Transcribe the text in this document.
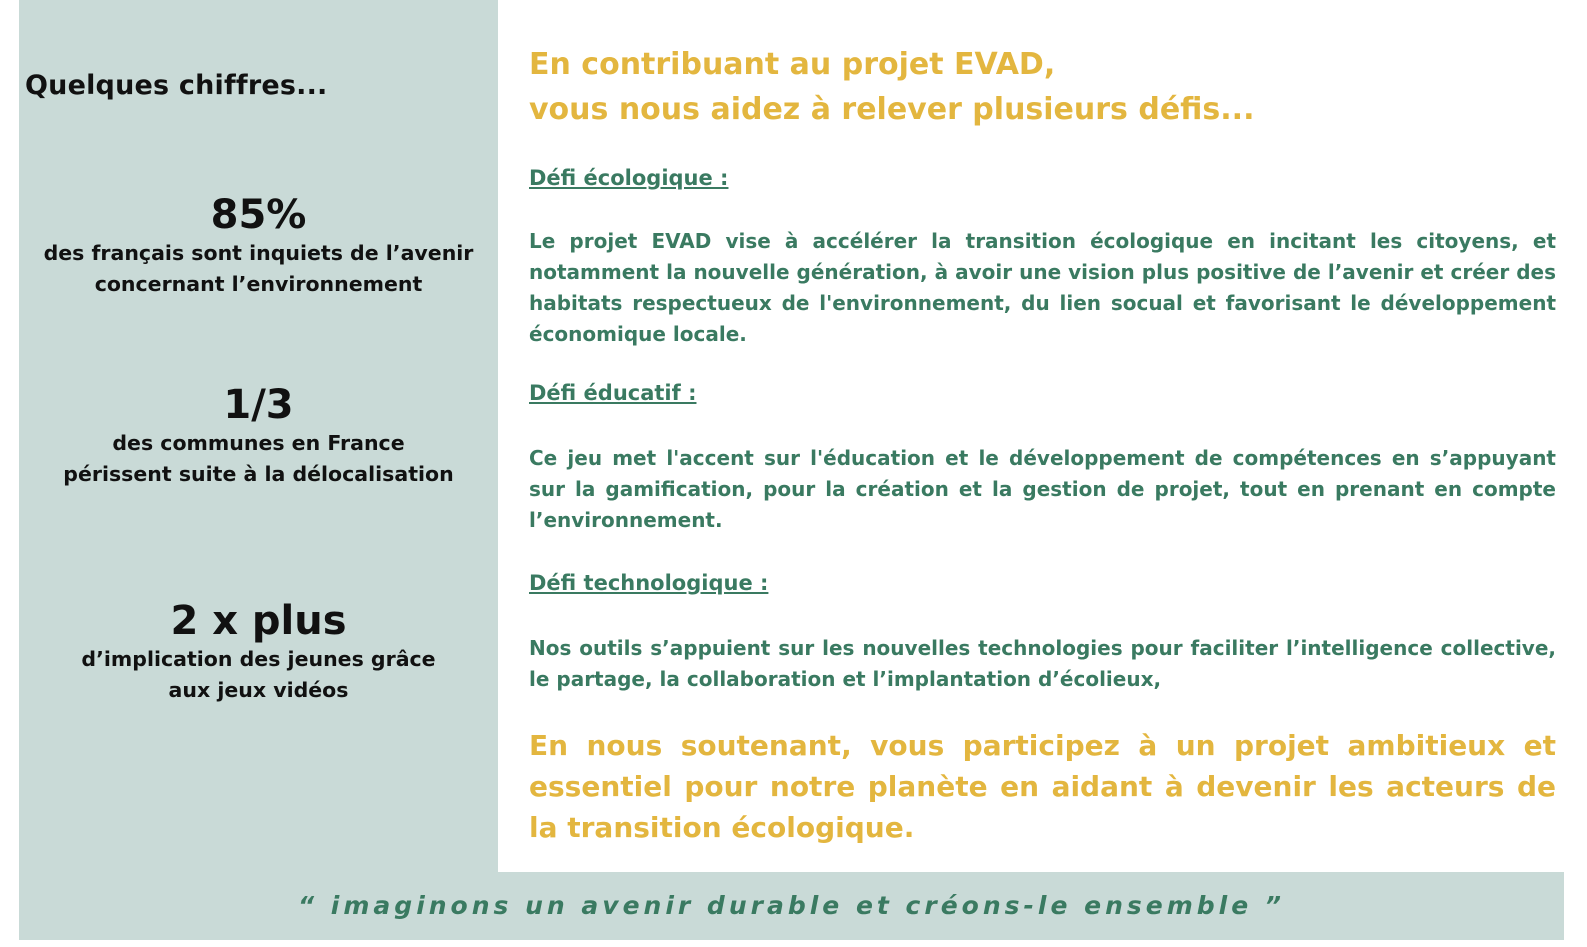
Quelques chiffres...
85%
des français sont inquiets de l’avenir
concernant l’environnement
1/3
des communes en France
périssent suite à la délocalisation
2 x plus
d’implication des jeunes grâce
aux jeux vidéos
En contribuant au projet EVAD,
vous nous aidez à relever plusieurs défis...
Défi écologique :

Le projet EVAD vise à accélérer la transition écologique en incitant les citoyens, et notamment la nouvelle génération, à avoir une vision plus positive de l’avenir et créer des habitats respectueux de l'environnement, du lien socual et favorisant le développement économique locale.

Défi éducatif :

Ce jeu met l'accent sur l'éducation et le développement de compétences en s’appuyant sur la gamification, pour la création et la gestion de projet, tout en prenant en compte l’environnement.

Défi technologique :

Nos outils s’appuient sur les nouvelles technologies pour faciliter l’intelligence collective, le partage, la collaboration et l’implantation d’écolieux,

En nous soutenant, vous participez à un projet ambitieux et essentiel pour notre planète en aidant à devenir les acteurs de la transition écologique.

“ imaginons un avenir durable et créons-le ensemble ”
